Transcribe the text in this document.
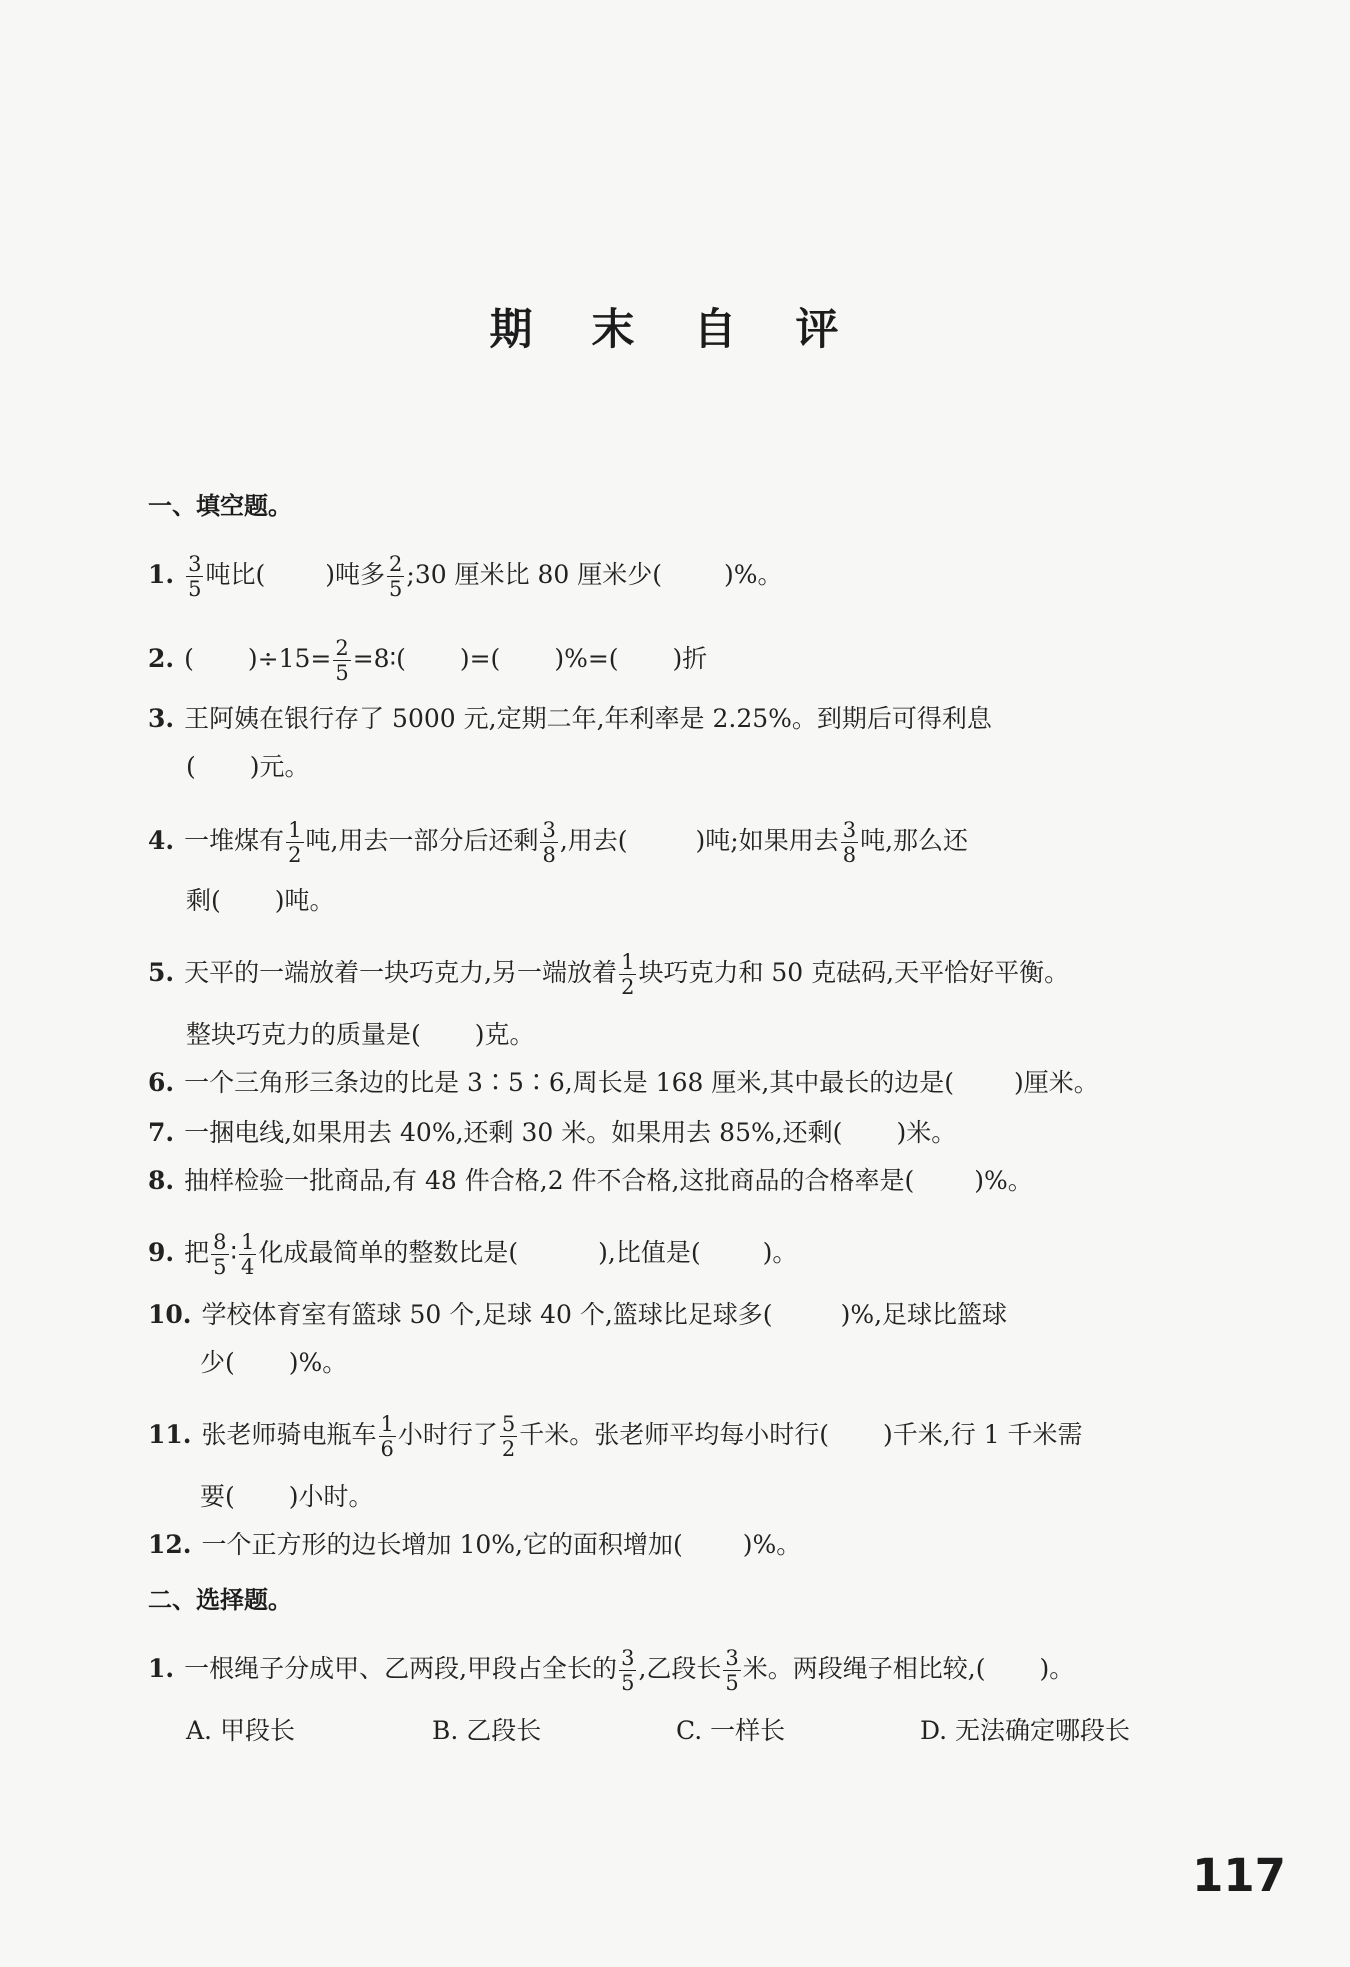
期 末 自 评
一、填空题。
1. $\frac{3}{5}$ 吨比( )吨多 $\frac{2}{5}$ ;30 厘米比 80 厘米少( )%。
2. ( )$\div 15= \frac{2}{5}$ =8∶( )=( )%=( )折
3. 王阿姨在银行存了 5000 元,定期二年,年利率是 2.25%。到期后可得利息
( )元。
4. 一堆煤有 $\frac{1}{2}$ 吨,用去一部分后还剩 $\frac{3}{8}$ ,用去(	)吨;如果用去 $\frac{3}{8}$ 吨,那么还
剩( )吨。
5. 天平的一端放着一块巧克力,另一端放着 $\frac{1}{2}$ 块巧克力和 50 克砝码,天平恰好平衡。
整块巧克力的质量是( )克。
6. 一个三角形三条边的比是 3∶5∶6,周长是 168 厘米,其中最长的边是( )厘米。
7. 一捆电线,如果用去 40%,还剩 30 米。如果用去 85%,还剩( )米。
8. 抽样检验一批商品,有 48 件合格,2 件不合格,这批商品的合格率是( )%。
9. 把 $\frac{8}{5}$ ∶ $\frac{1}{4}$ 化成最简单的整数比是(	),比值是( )。
10. 学校体育室有篮球 50 个,足球 40 个,篮球比足球多(	)%,足球比篮球
少( )%。
11. 张老师骑电瓶车 $\frac{1}{6}$ 小时行了 $\frac{5}{2}$ 千米。张老师平均每小时行( )千米,行 1 千米需
要( )小时。
12. 一个正方形的边长增加 10%,它的面积增加( )%。
二、选择题。
1. 一根绳子分成甲、乙两段,甲段占全长的 $\frac{3}{5}$ ,乙段长 $\frac{3}{5}$ 米。两段绳子相比较,( )。
A. 甲段长	B. 乙段长	C. 一样长	D. 无法确定哪段长
117
